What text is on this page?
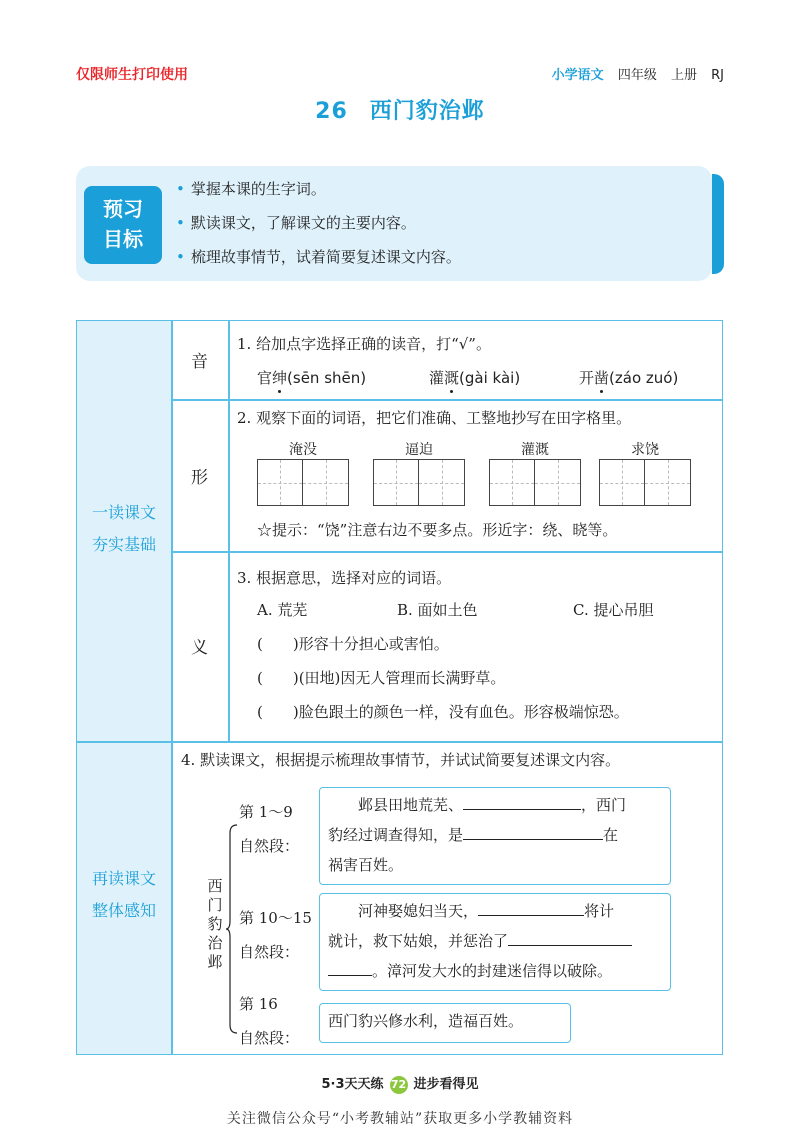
仅限师生打印使用	小学语文 四年级 上册 RJ
26 西门豹治邺
预习
目标
• 掌握本课的生字词。
• 默读课文，了解课文的主要内容。
• 梳理故事情节，试着简要复述课文内容。
一读课文
夯实基础
再读课文
整体感知
音
1. 给加点字选择正确的读音，打“√”。
官绅(sēn shēn)	灌溉(gài kài)	开凿(záo zuó)
形
2. 观察下面的词语，把它们准确、工整地抄写在田字格里。
淹没	逼迫	灌溉	求饶
☆提示：“饶”注意右边不要多点。形近字：绕、晓等。
义
3. 根据意思，选择对应的词语。
A. 荒芜	B. 面如土色	C. 提心吊胆
(　　)形容十分担心或害怕。
(　　)(田地)因无人管理而长满野草。
(　　)脸色跟土的颜色一样，没有血色。形容极端惊恐。
4. 默读课文，根据提示梳理故事情节，并试试简要复述课文内容。
西
门
豹
治
邺
第 1～9
自然段：
邺县田地荒芜、	，西门
豹经过调查得知，是	在
祸害百姓。
第 10～15
自然段：
河神娶媳妇当天，	将计
就计，救下姑娘，并惩治了
。漳河发大水的封建迷信得以破除。
第 16
自然段：
西门豹兴修水利，造福百姓。
5·3天天练 72 进步看得见
关注微信公众号“小考教辅站”获取更多小学教辅资料
